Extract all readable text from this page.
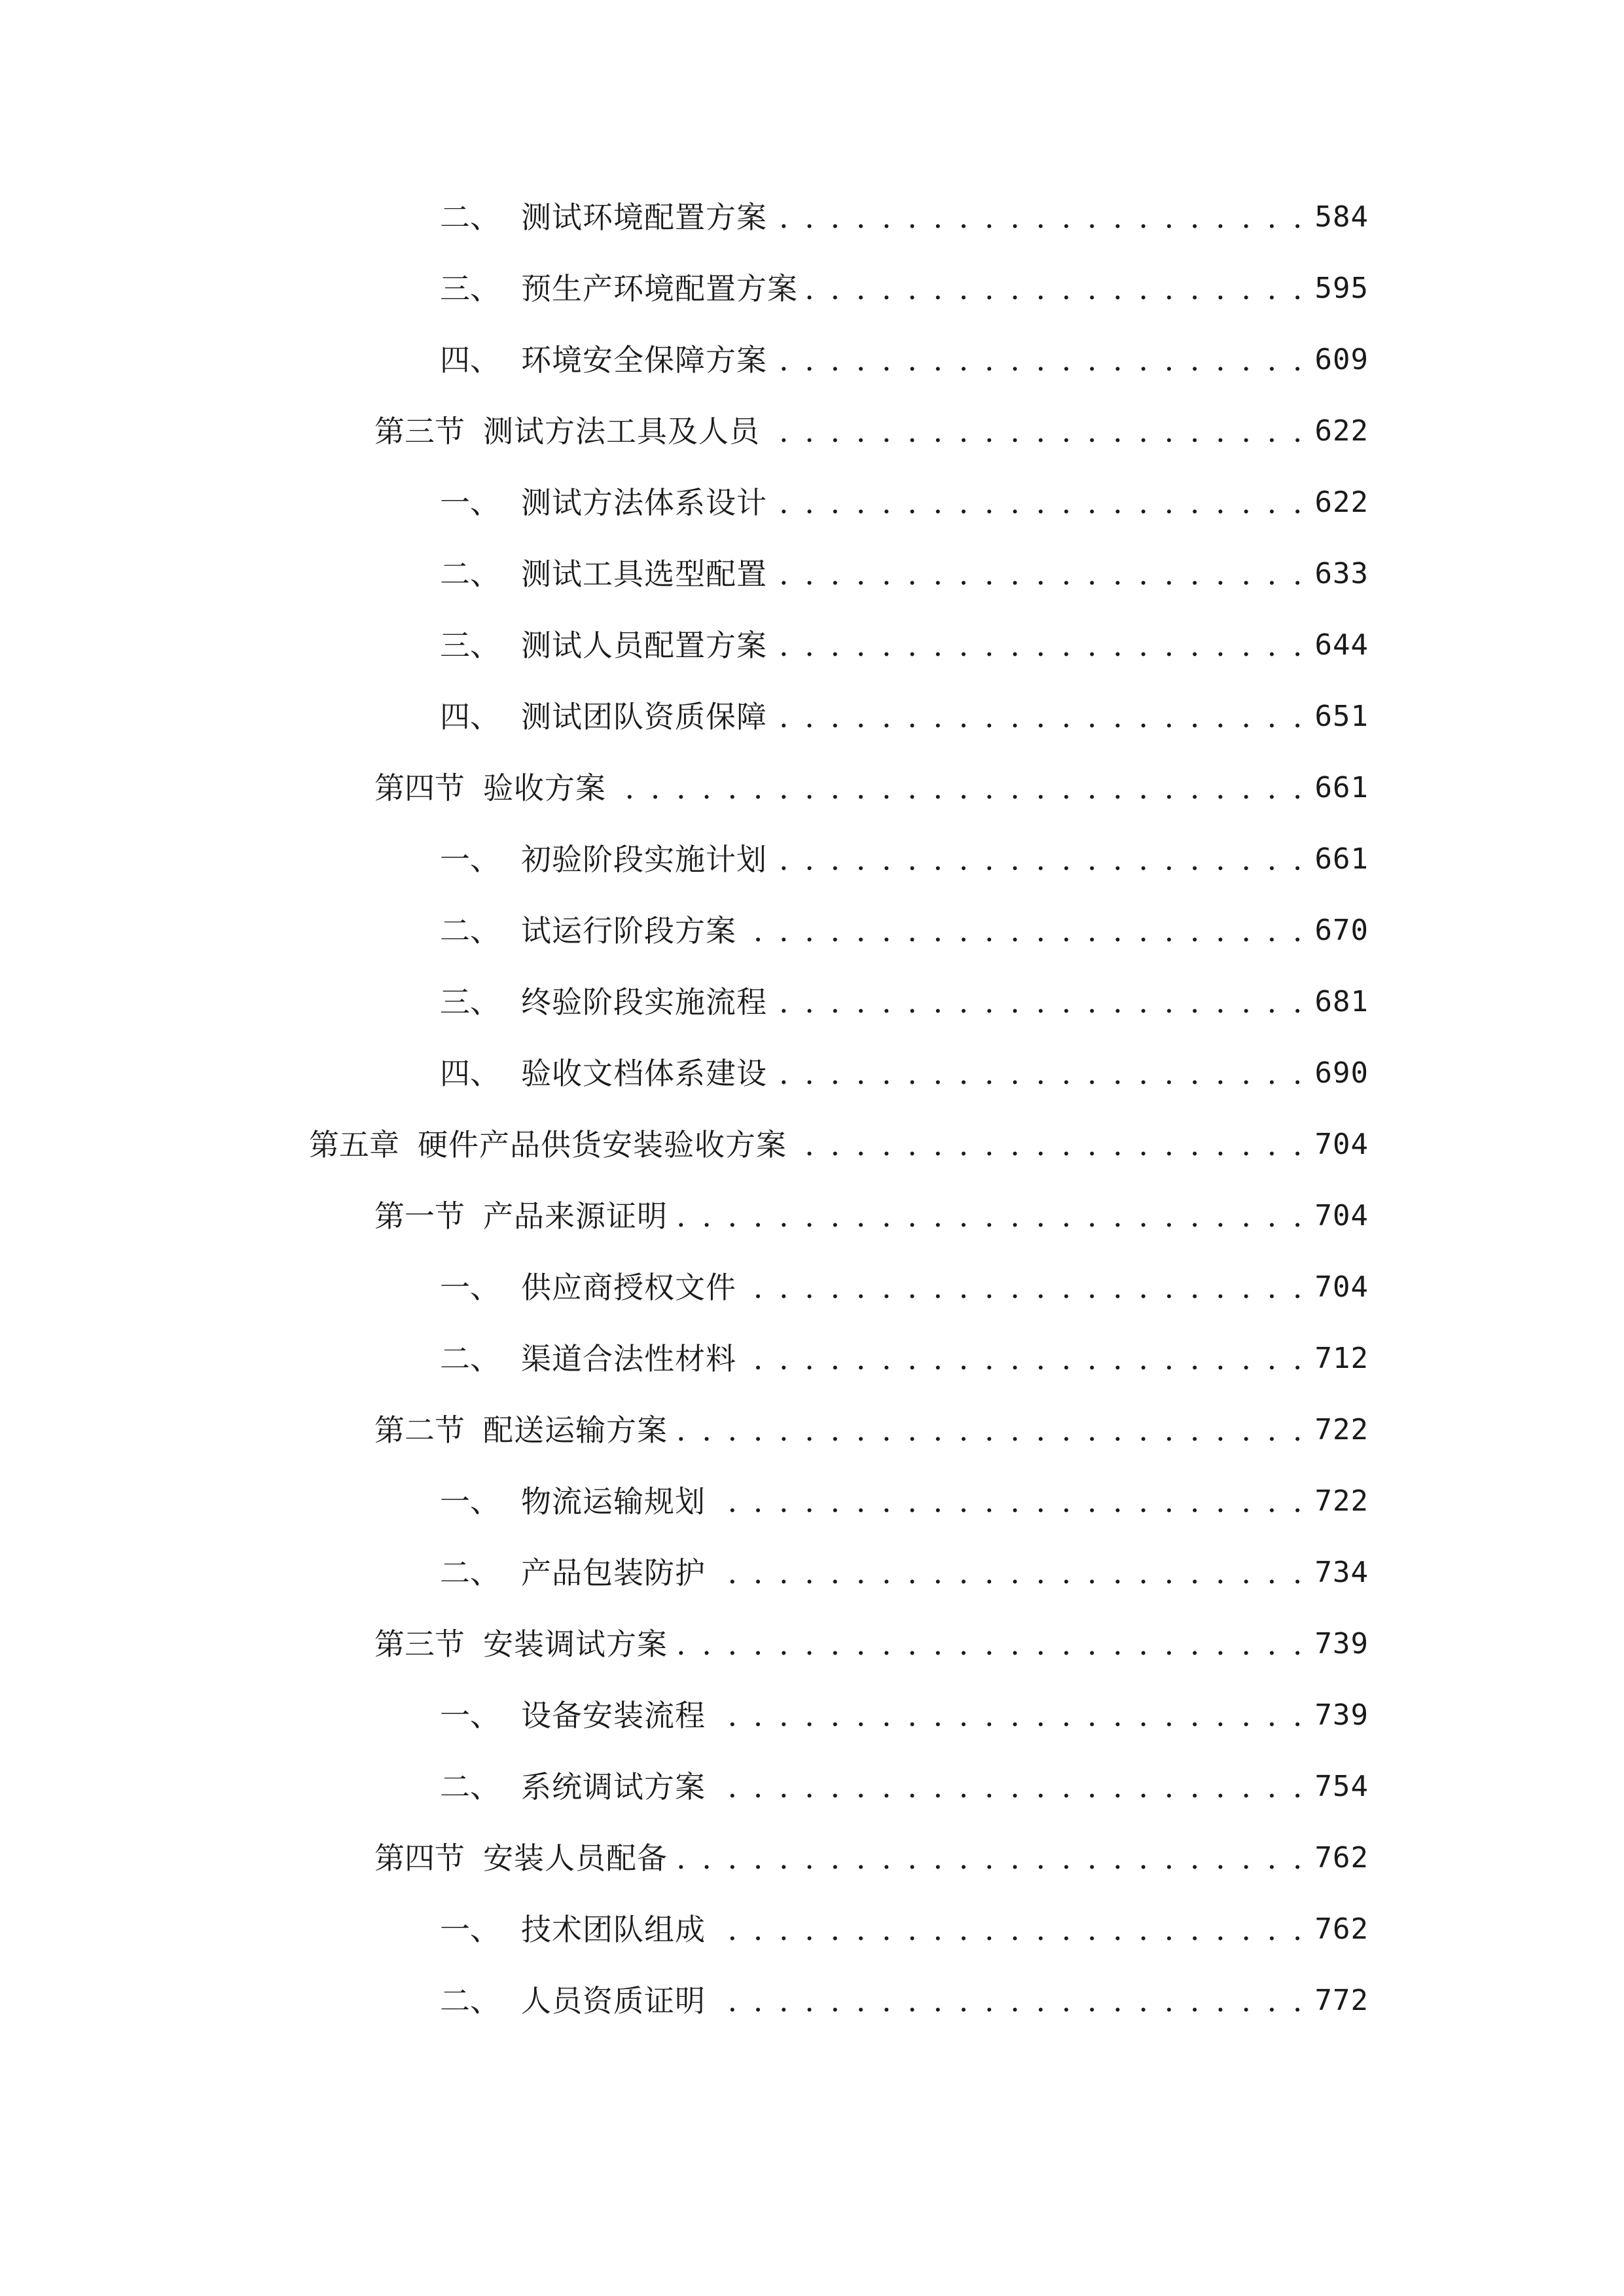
二、 测试环境配置方案 . . .	584
三、 预生产环境配置方案 . . .	595
四、 环境安全保障方案 . . .	609
第三节 测试方法工具及人员 . . .	622
一、 测试方法体系设计 . . .	622
二、 测试工具选型配置 . . .	633
三、 测试人员配置方案 . . .	644
四、 测试团队资质保障 . . .	651
第四节 验收方案 . . .	661
一、 初验阶段实施计划 . . .	661
二、 试运行阶段方案 . . .	670
三、 终验阶段实施流程 . . .	681
四、 验收文档体系建设 . . .	690
第五章 硬件产品供货安装验收方案 . . .	704
第一节 产品来源证明 . . .	704
一、 供应商授权文件 . . .	704
二、 渠道合法性材料 . . .	712
第二节 配送运输方案 . . .	722
一、 物流运输规划 . . .	722
二、 产品包装防护 . . .	734
第三节 安装调试方案 . . .	739
一、 设备安装流程 . . .	739
二、 系统调试方案 . . .	754
第四节 安装人员配备 . . .	762
一、 技术团队组成 . . .	762
二、 人员资质证明 . . .	772
